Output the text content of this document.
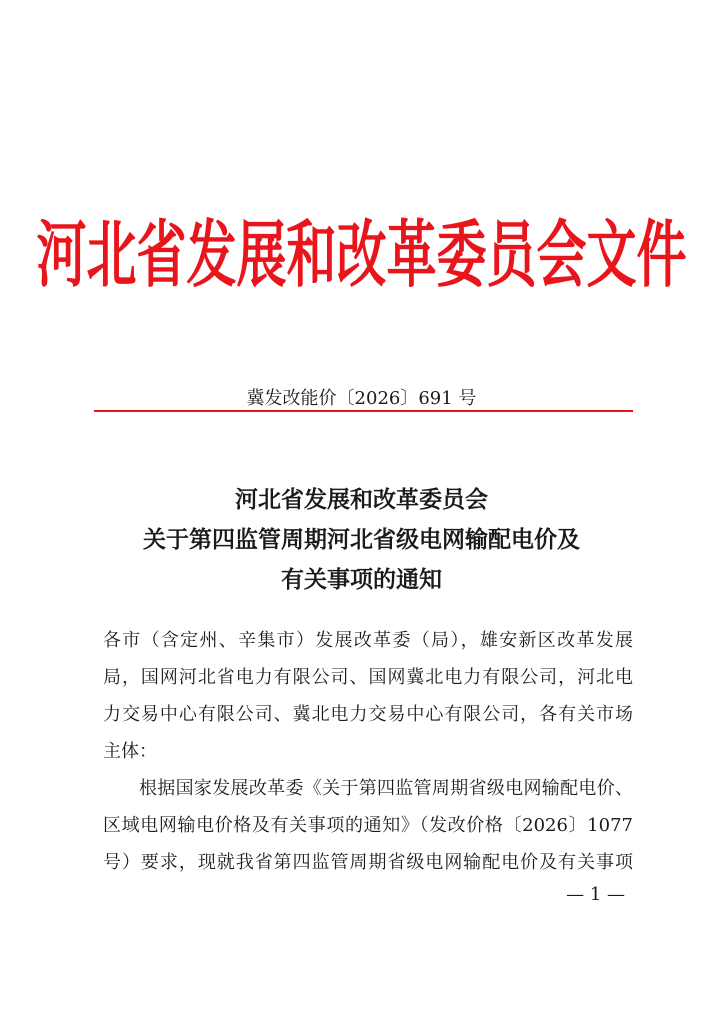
河北省发展和改革委员会文件
冀发改能价〔2026〕691 号
河北省发展和改革委员会
关于第四监管周期河北省级电网输配电价及
有关事项的通知

各市（含定州、辛集市）发展改革委（局），雄安新区改革发展
局，国网河北省电力有限公司、国网冀北电力有限公司，河北电
力交易中心有限公司、冀北电力交易中心有限公司，各有关市场
主体：

根据国家发展改革委《关于第四监管周期省级电网输配电价、
区域电网输电价格及有关事项的通知》（发改价格〔2026〕1077
号）要求，现就我省第四监管周期省级电网输配电价及有关事项

— 1 —
